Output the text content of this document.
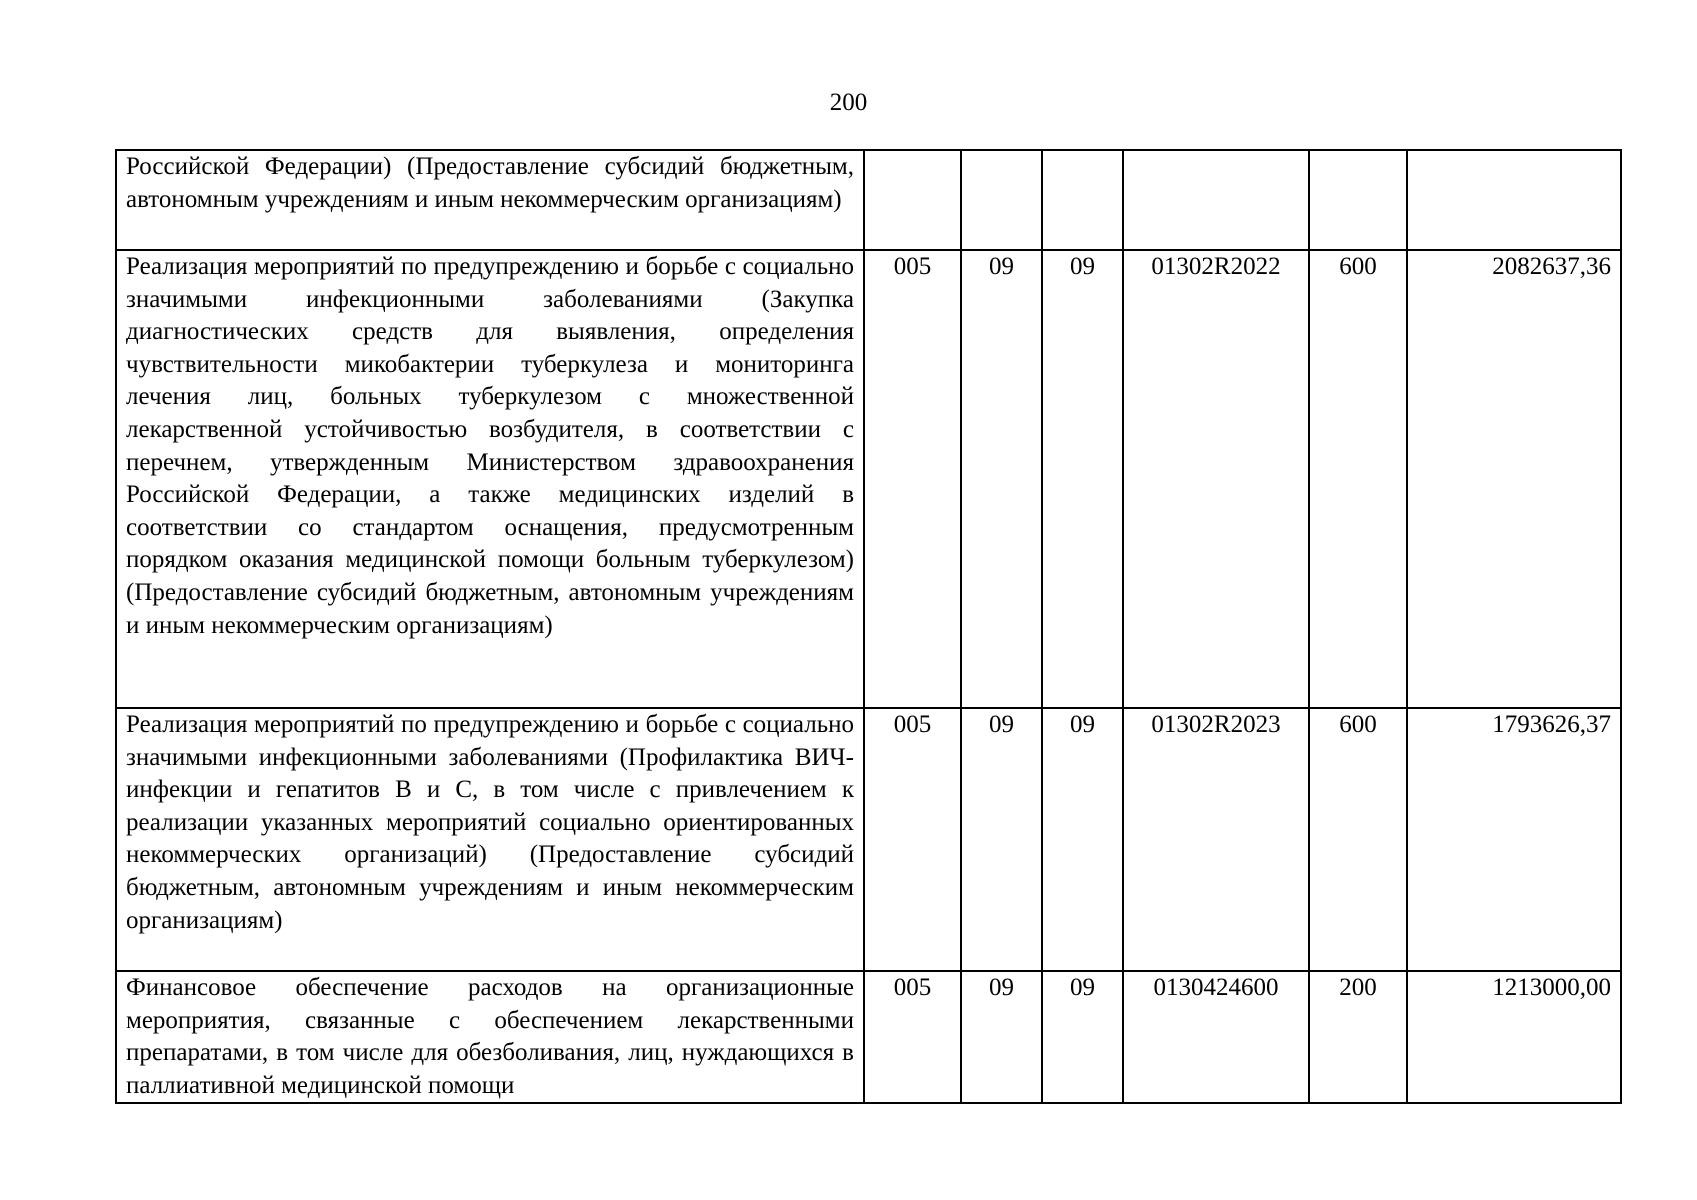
200
Российской Федерации) (Предоставление субсидий бюджетным, автономным учреждениям и иным некоммерческим организациям)						
Реализация мероприятий по предупреждению и борьбе с социально значимыми инфекционными заболеваниями (Закупка диагностических средств для выявления, определения чувствительности микобактерии туберкулеза и мониторинга лечения лиц, больных туберкулезом с множественной лекарственной устойчивостью возбудителя, в соответствии с перечнем, утвержденным Министерством здравоохранения Российской Федерации, а также медицинских изделий в соответствии со стандартом оснащения, предусмотренным порядком оказания медицинской помощи больным туберкулезом) (Предоставление субсидий бюджетным, автономным учреждениям и иным некоммерческим организациям)	005	09	09	01302R2022	600	2082637,36
Реализация мероприятий по предупреждению и борьбе с социально значимыми инфекционными заболеваниями (Профилактика ВИЧ-инфекции и гепатитов В и С, в том числе с привлечением к реализации указанных мероприятий социально ориентированных некоммерческих организаций) (Предоставление субсидий бюджетным, автономным учреждениям и иным некоммерческим организациям)	005	09	09	01302R2023	600	1793626,37
Финансовое обеспечение расходов на организационные мероприятия, связанные с обеспечением лекарственными препаратами, в том числе для обезболивания, лиц, нуждающихся в паллиативной медицинской помощи	005	09	09	0130424600	200	1213000,00
